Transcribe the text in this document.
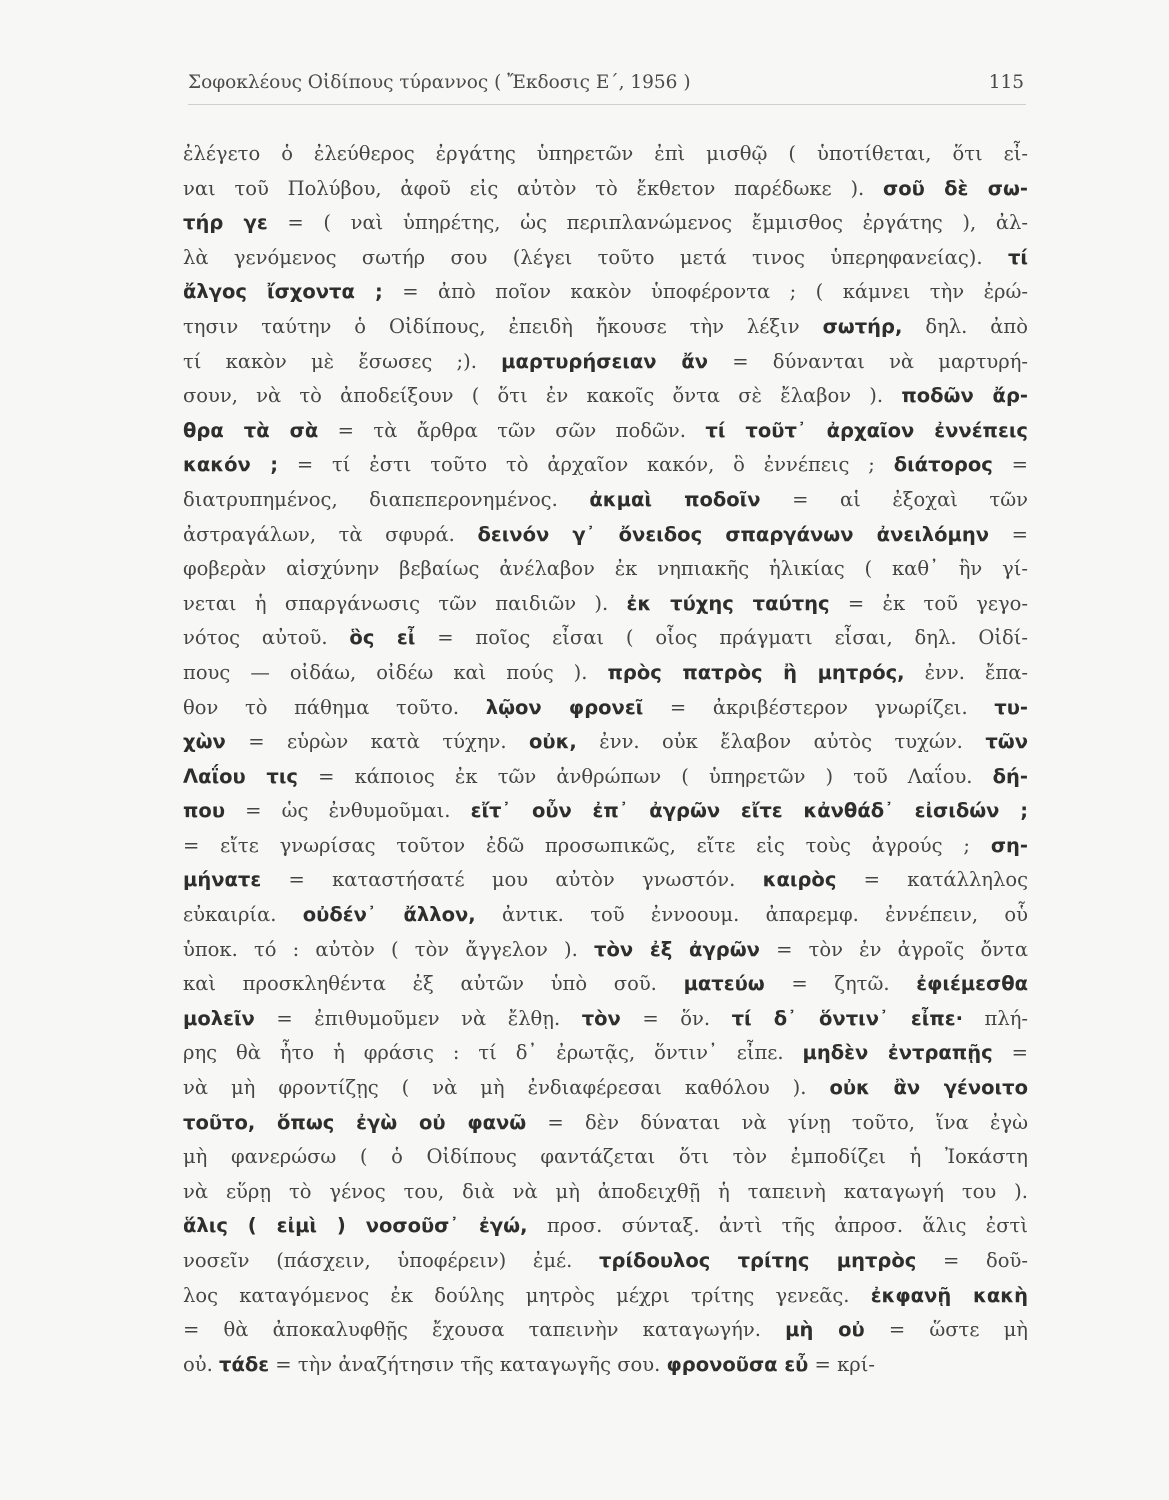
Σοφοκλέους Οἰδίπους τύραννος ( Ἔκδοσις Ε΄, 1956 )	115
ἐλέγετο ὁ ἐλεύθερος ἐργάτης ὑπηρετῶν ἐπὶ μισθῷ ( ὑποτίθεται, ὅτι εἶ-
ναι τοῦ Πολύβου, ἀφοῦ εἰς αὐτὸν τὸ ἔκθετον παρέδωκε ). σοῦ δὲ σω-
τήρ γε = ( ναὶ ὑπηρέτης, ὡς περιπλανώμενος ἔμμισθος ἐργάτης ), ἀλ-
λὰ γενόμενος σωτήρ σου (λέγει τοῦτο μετά τινος ὑπερηφανείας). τί
ἄλγος ἴσχοντα ; = ἀπὸ ποῖον κακὸν ὑποφέροντα ; ( κάμνει τὴν ἐρώ-
τησιν ταύτην ὁ Οἰδίπους, ἐπειδὴ ἤκουσε τὴν λέξιν σωτήρ, δηλ. ἀπὸ
τί κακὸν μὲ ἔσωσες ;). μαρτυρήσειαν ἄν = δύνανται νὰ μαρτυρή-
σουν, νὰ τὸ ἀποδείξουν ( ὅτι ἐν κακοῖς ὄντα σὲ ἔλαβον ). ποδῶν ἄρ-
θρα τὰ σὰ = τὰ ἄρθρα τῶν σῶν ποδῶν. τί τοῦτ᾽ ἀρχαῖον ἐννέπεις
κακόν ; = τί ἐστι τοῦτο τὸ ἀρχαῖον κακόν, ὃ ἐννέπεις ; διάτορος =
διατρυπημένος, διαπεπερονημένος. ἀκμαὶ ποδοῖν = αἱ ἐξοχαὶ τῶν
ἀστραγάλων, τὰ σφυρά. δεινόν γ᾽ ὄνειδος σπαργάνων ἀνειλόμην =
φοβερὰν αἰσχύνην βεβαίως ἀνέλαβον ἐκ νηπιακῆς ἡλικίας ( καθ᾽ ἣν γί-
νεται ἡ σπαργάνωσις τῶν παιδιῶν ). ἐκ τύχης ταύτης = ἐκ τοῦ γεγο-
νότος αὐτοῦ. ὃς εἶ = ποῖος εἶσαι ( οἷος πράγματι εἶσαι, δηλ. Οἰδί-
πους — οἰδάω, οἰδέω καὶ πούς ). πρὸς πατρὸς ἢ μητρός, ἐνν. ἔπα-
θον τὸ πάθημα τοῦτο. λῷον φρονεῖ = ἀκριβέστερον γνωρίζει. τυ-
χὼν = εὑρὼν κατὰ τύχην. οὐκ, ἐνν. οὐκ ἔλαβον αὐτὸς τυχών. τῶν
Λαΐου τις = κάποιος ἐκ τῶν ἀνθρώπων ( ὑπηρετῶν ) τοῦ Λαΐου. δή-
που = ὡς ἐνθυμοῦμαι. εἴτ᾽ οὖν ἐπ᾽ ἀγρῶν εἴτε κἀνθάδ᾽ εἰσιδών ;
= εἴτε γνωρίσας τοῦτον ἐδῶ προσωπικῶς, εἴτε εἰς τοὺς ἀγρούς ; ση-
μήνατε = καταστήσατέ μου αὐτὸν γνωστόν. καιρὸς = κατάλληλος
εὐκαιρία. οὐδέν᾽ ἄλλον, ἀντικ. τοῦ ἐννοουμ. ἀπαρεμφ. ἐννέπειν, οὗ
ὑποκ. τό : αὐτὸν ( τὸν ἄγγελον ). τὸν ἐξ ἀγρῶν = τὸν ἐν ἀγροῖς ὄντα
καὶ προσκληθέντα ἐξ αὐτῶν ὑπὸ σοῦ. ματεύω = ζητῶ. ἐφιέμεσθα
μολεῖν = ἐπιθυμοῦμεν νὰ ἔλθῃ. τὸν = ὅν. τί δ᾽ ὅντιν᾽ εἶπε· πλή-
ρης θὰ ἦτο ἡ φράσις : τί δ᾽ ἐρωτᾷς, ὅντιν᾽ εἶπε. μηδὲν ἐντραπῇς =
νὰ μὴ φροντίζῃς ( νὰ μὴ ἐνδιαφέρεσαι καθόλου ). οὐκ ἂν γένοιτο
τοῦτο, ὅπως ἐγὼ οὐ φανῶ = δὲν δύναται νὰ γίνῃ τοῦτο, ἵνα ἐγὼ
μὴ φανερώσω ( ὁ Οἰδίπους φαντάζεται ὅτι τὸν ἐμποδίζει ἡ Ἰοκάστη
νὰ εὕρῃ τὸ γένος του, διὰ νὰ μὴ ἀποδειχθῇ ἡ ταπεινὴ καταγωγή του ).
ἅλις ( εἰμὶ ) νοσοῦσ᾽ ἐγώ, προσ. σύνταξ. ἀντὶ τῆς ἀπροσ. ἅλις ἐστὶ
νοσεῖν (πάσχειν, ὑποφέρειν) ἐμέ. τρίδουλος τρίτης μητρὸς = δοῦ-
λος καταγόμενος ἐκ δούλης μητρὸς μέχρι τρίτης γενεᾶς. ἐκφανῇ κακὴ
= θὰ ἀποκαλυφθῇς ἔχουσα ταπεινὴν καταγωγήν. μὴ οὐ = ὥστε μὴ
οὐ. τάδε = τὴν ἀναζήτησιν τῆς καταγωγῆς σου. φρονοῦσα εὖ = κρί-
